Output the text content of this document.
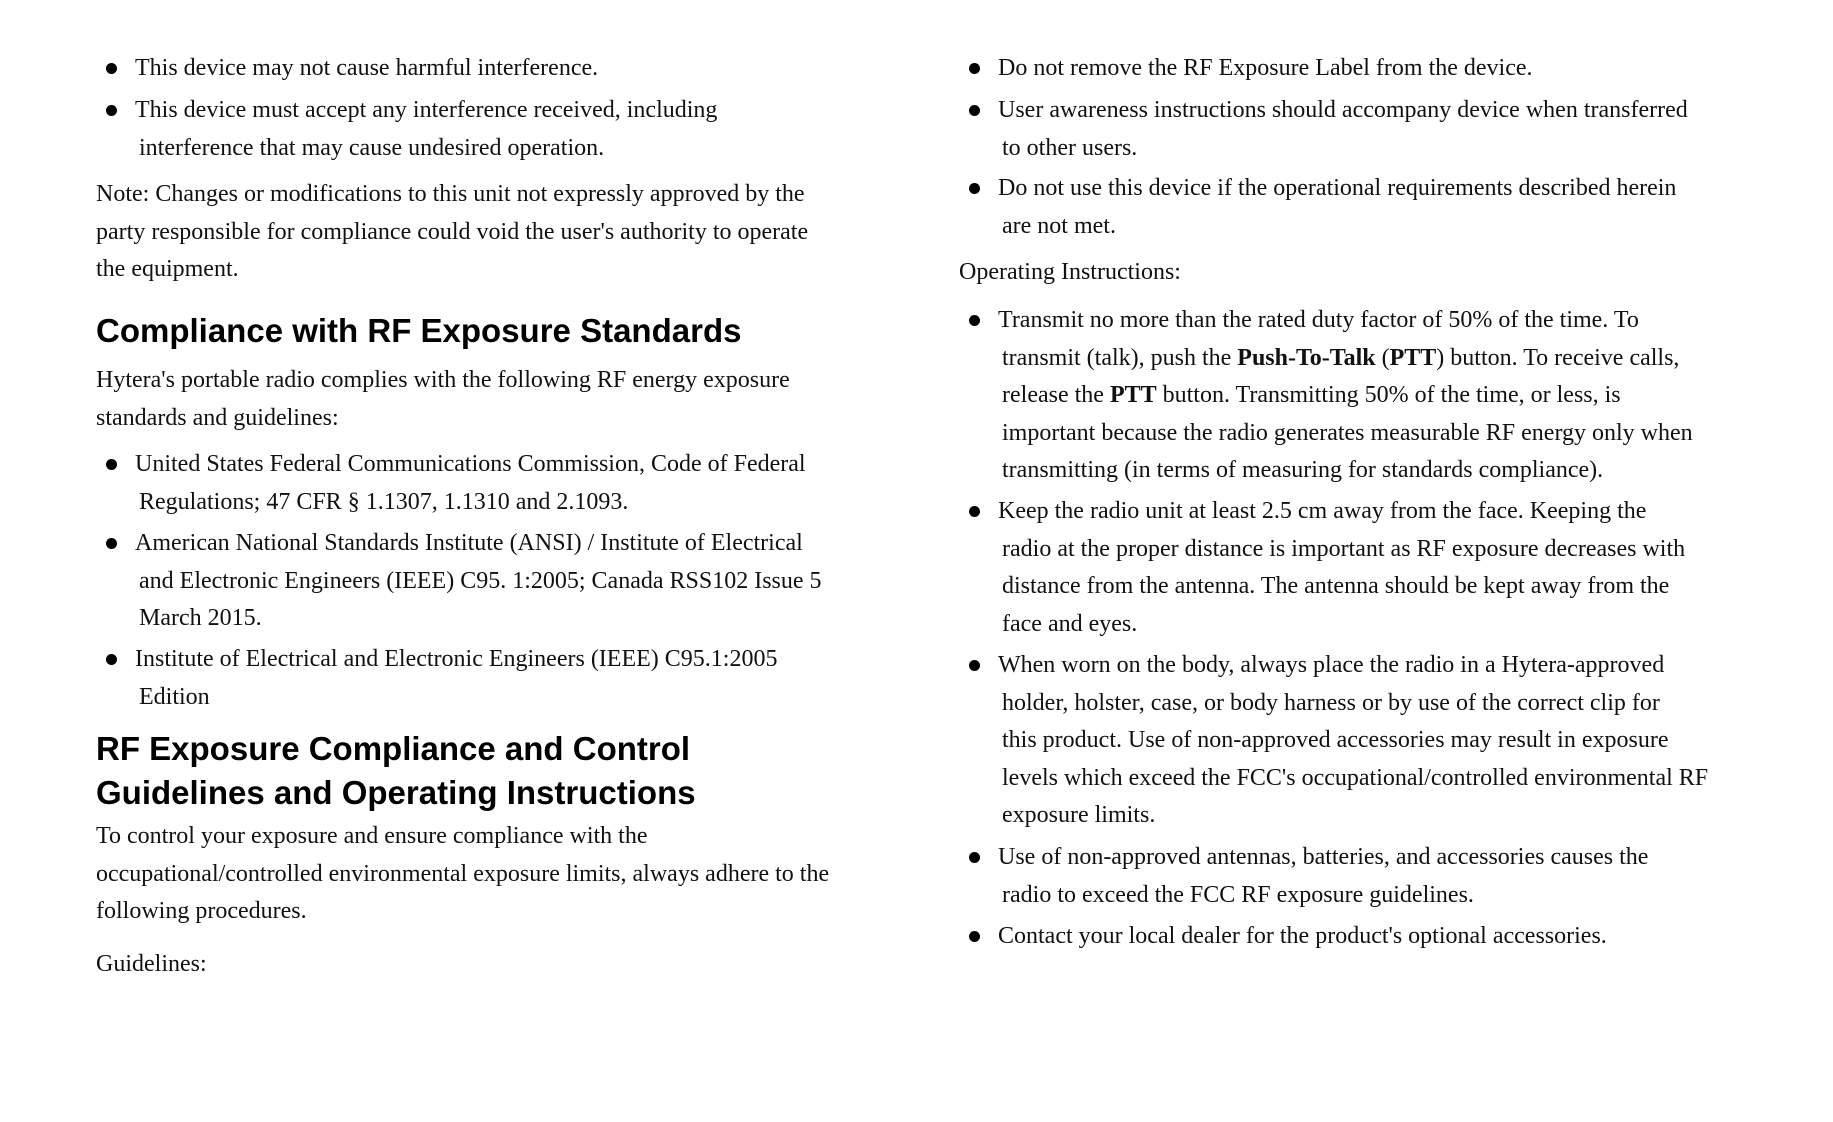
This device may not cause harmful interference.
This device must accept any interference received, including
interference that may cause undesired operation.
Note: Changes or modifications to this unit not expressly approved by the
party responsible for compliance could void the user's authority to operate
the equipment.
Compliance with RF Exposure Standards
Hytera's portable radio complies with the following RF energy exposure
standards and guidelines:
United States Federal Communications Commission, Code of Federal
Regulations; 47 CFR § 1.1307, 1.1310 and 2.1093.
American National Standards Institute (ANSI) / Institute of Electrical
and Electronic Engineers (IEEE) C95. 1:2005; Canada RSS102 Issue 5
March 2015.
Institute of Electrical and Electronic Engineers (IEEE) C95.1:2005
Edition
RF Exposure Compliance and Control
Guidelines and Operating Instructions
To control your exposure and ensure compliance with the
occupational/controlled environmental exposure limits, always adhere to the
following procedures.
Guidelines:
Do not remove the RF Exposure Label from the device.
User awareness instructions should accompany device when transferred
to other users.
Do not use this device if the operational requirements described herein
are not met.
Operating Instructions:
Transmit no more than the rated duty factor of 50% of the time. To
transmit (talk), push the Push-To-Talk (PTT) button. To receive calls,
release the PTT button. Transmitting 50% of the time, or less, is
important because the radio generates measurable RF energy only when
transmitting (in terms of measuring for standards compliance).
Keep the radio unit at least 2.5 cm away from the face. Keeping the
radio at the proper distance is important as RF exposure decreases with
distance from the antenna. The antenna should be kept away from the
face and eyes.
When worn on the body, always place the radio in a Hytera-approved
holder, holster, case, or body harness or by use of the correct clip for
this product. Use of non-approved accessories may result in exposure
levels which exceed the FCC's occupational/controlled environmental RF
exposure limits.
Use of non-approved antennas, batteries, and accessories causes the
radio to exceed the FCC RF exposure guidelines.
Contact your local dealer for the product's optional accessories.
